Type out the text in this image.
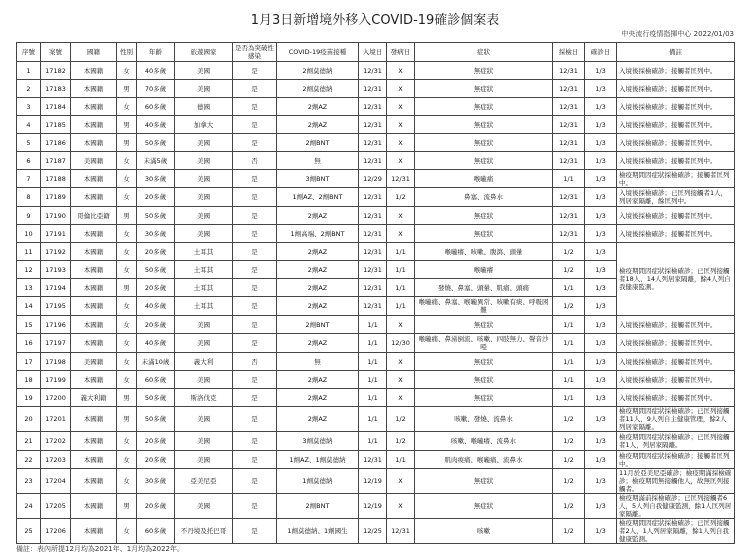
1月3日新增境外移入COVID-19確診個案表
中央流行疫情指揮中心 2022/01/03
序號	案號	國籍	性別	年齡	旅遊國家	是否為突破性感染	COVID-19疫苗接種	入境日	發病日	症狀	採檢日	確診日	備註
1	17182	本國籍	女	40多歲	美國	是	2劑莫德納	12/31	X	無症狀	12/31	1/3	入境後採檢確診；接觸者匡列中。
2	17183	本國籍	男	70多歲	美國	是	2劑莫德納	12/31	X	無症狀	12/31	1/3	入境後採檢確診；接觸者匡列中。
3	17184	本國籍	女	60多歲	德國	是	2劑AZ	12/31	X	無症狀	12/31	1/3	入境後採檢確診；接觸者匡列中。
4	17185	本國籍	男	40多歲	加拿大	是	2劑AZ	12/31	X	無症狀	12/31	1/3	入境後採檢確診；接觸者匡列中。
5	17186	本國籍	男	50多歲	美國	是	2劑BNT	12/31	X	無症狀	12/31	1/3	入境後採檢確診；接觸者匡列中。
6	17187	美國籍	女	未滿5歲	美國	否	無	12/31	X	無症狀	12/31	1/3	入境後採檢確診；接觸者匡列中。
7	17188	本國籍	女	30多歲	美國	是	3劑BNT	12/29	12/31	喉嚨痛	1/1	1/3	檢疫期間因症狀採檢確診；接觸者匡列中。
8	17189	本國籍	女	20多歲	美國	是	1劑AZ、2劑BNT	12/31	1/2	鼻塞、流鼻水	12/31	1/3	入境後採檢確診；已匡列接觸者1人，列居家隔離，餘匡列中。
9	17190	哥倫比亞籍	男	50多歲	美國	是	2劑AZ	12/31	X	無症狀	12/31	1/3	入境後採檢確診；接觸者匡列中。
10	17191	本國籍	女	30多歲	美國	是	1劑高端、2劑BNT	12/31	X	無症狀	12/31	1/3	入境後採檢確診；接觸者匡列中。
11	17192	本國籍	女	20多歲	土耳其	是	2劑AZ	12/31	1/1	喉嚨癢、咳嗽、腹瀉、頭暈	1/2	1/3	檢疫期間因症狀採檢確診；已匡列接觸者18人、14人列居家隔離，餘4人列自我健康監測。
12	17193	本國籍	女	50多歲	土耳其	是	2劑AZ	12/31	1/1	喉嚨癢	1/2	1/3	
13	17194	本國籍	男	20多歲	土耳其	是	2劑AZ	12/31	1/1	發燒、鼻塞、頭暈、肌痛、頭痛	1/1	1/3	
14	17195	本國籍	女	40多歲	土耳其	是	2劑AZ	12/31	1/1	喉嚨痛、鼻塞、喉嚨異常、咳嗽有痰、呼吸困難	1/2	1/3	
15	17196	本國籍	女	20多歲	美國	是	2劑BNT	1/1	X	無症狀	1/1	1/3	入境後採檢確診；接觸者匡列中。
16	17197	本國籍	女	40多歲	美國	是	2劑AZ	1/1	12/30	喉嚨痛、鼻涕倒流、咳嗽、四肢無力、聲音沙啞	1/1	1/3	入境後採檢確診；接觸者匡列中。
17	17198	美國籍	女	未滿10歲	義大利	否	無	1/1	X	無症狀	1/1	1/3	入境後採檢確診；接觸者匡列中。
18	17199	本國籍	女	60多歲	美國	是	2劑AZ	1/1	X	無症狀	1/1	1/3	入境後採檢確診；接觸者匡列中。
19	17200	義大利籍	男	50多歲	斯洛伐克	是	2劑AZ	1/1	X	無症狀	1/1	1/3	入境後採檢確診；接觸者匡列中。
20	17201	本國籍	男	50多歲	美國	是	2劑AZ	1/1	1/2	咳嗽、發燒、流鼻水	1/2	1/3	檢疫期間因症狀採檢確診；已匡列接觸者11人，9人列自主健康管理，餘2人列居家隔離。
21	17202	本國籍	女	20多歲	美國	是	3劑莫德納	1/1	1/2	咳嗽、喉嚨癢、流鼻水	1/2	1/3	檢疫期間因症狀採檢確診；已匡列接觸者1人，列居家隔離。
22	17203	本國籍	女	20多歲	美國	是	1劑AZ、1劑莫德納	12/31	1/1	肌肉痠痛、喉嚨痛、流鼻水	1/2	1/3	檢疫期間因症狀採檢確診；接觸者匡列中。
23	17204	本國籍	女	30多歲	亞美尼亞	是	1劑莫德納	12/19	X	無症狀	1/2	1/3	11月於亞美尼亞確診；檢疫期滿採檢確診；檢疫期間無接觸他人，故無匡列接觸者。
24	17205	本國籍	男	20多歲	美國	是	2劑BNT	12/19	X	無症狀	1/2	1/3	檢疫期滿前採檢確診；已匡列接觸者6人，5人列自我健康監測，餘1人匡列居家隔離。
25	17206	本國籍	女	60多歲	不丹境及托巴哥	是	1劑莫德納、1劑國生	12/25	12/31	咳嗽	1/2	1/3	檢疫期間因症狀採檢確診；已匡列接觸者2人，1人列居家隔離，餘1人列自我健康監測。
備註：表內所提12月均為2021年、1月均為2022年。
